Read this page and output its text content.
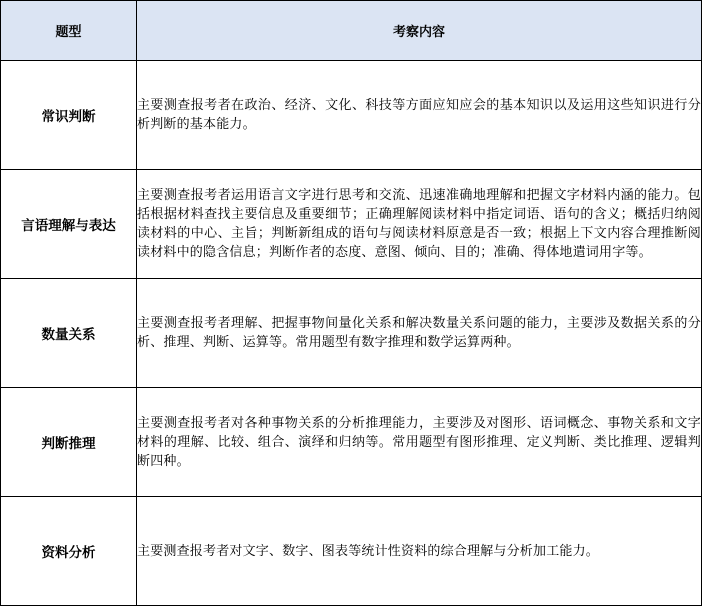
题型	考察内容
常识判断	主要测查报考者在政治、经济、文化、科技等方面应知应会的基本知识以及运用这些知识进行分析判断的基本能力。
言语理解与表达	主要测查报考者运用语言文字进行思考和交流、迅速准确地理解和把握文字材料内涵的能力。包括根据材料查找主要信息及重要细节；正确理解阅读材料中指定词语、语句的含义；概括归纳阅读材料的中心、主旨；判断新组成的语句与阅读材料原意是否一致；根据上下文内容合理推断阅读材料中的隐含信息；判断作者的态度、意图、倾向、目的；准确、得体地遣词用字等。
数量关系	主要测查报考者理解、把握事物间量化关系和解决数量关系问题的能力，主要涉及数据关系的分析、推理、判断、运算等。常用题型有数字推理和数学运算两种。
判断推理	主要测查报考者对各种事物关系的分析推理能力，主要涉及对图形、语词概念、事物关系和文字材料的理解、比较、组合、演绎和归纳等。常用题型有图形推理、定义判断、类比推理、逻辑判断四种。
资料分析	主要测查报考者对文字、数字、图表等统计性资料的综合理解与分析加工能力。
